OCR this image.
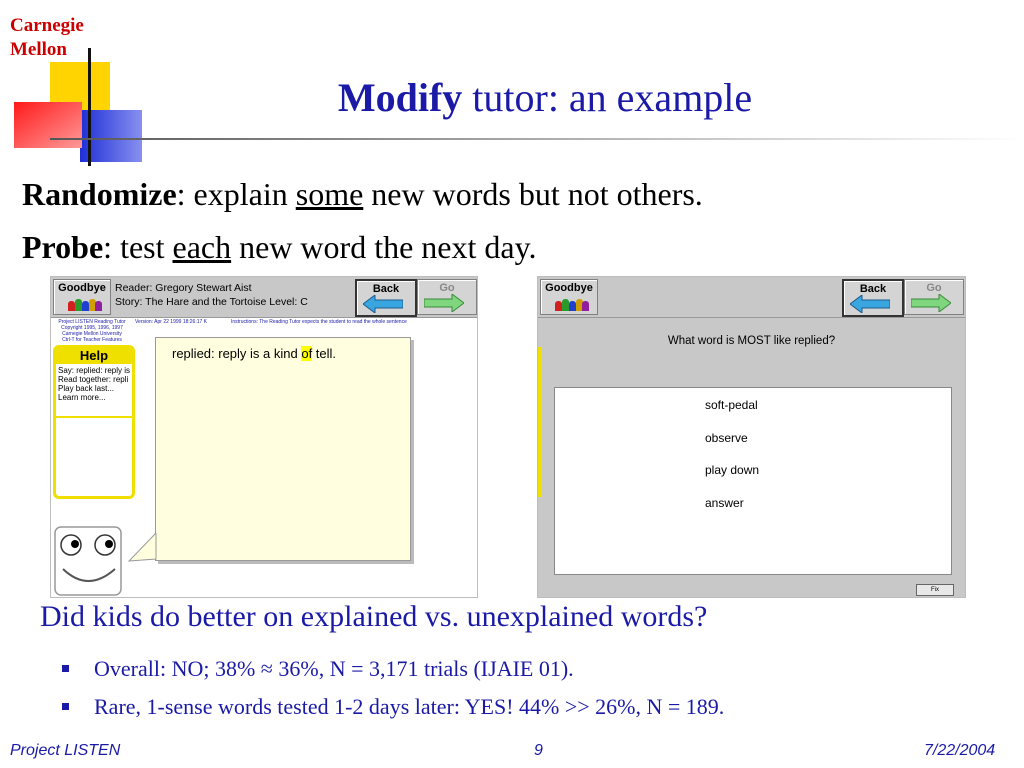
Carnegie
Mellon
Modify tutor: an example
Randomize: explain some new words but not others.
Probe: test each new word the next day.
Goodbye Reader: Gregory Stewart Aist
Story: The Hare and the Tortoise Level: C
Back	Go
Project LISTEN Reading Tutor
Copyright 1995, 1996, 1997
Carnegie Mellon University
Ctrl-T for Teacher Features
Version: Apr 22 1999 18:26:17 K	Instructions: The Reading Tutor expects the student to read the whole sentence
Help
Say: replied: reply is
Read together: repli
Play back last...
Learn more...
replied: reply is a kind of tell.
Goodbye	Back	Go
What word is MOST like replied?
soft-pedal
observe
play down
answer
Fix
Did kids do better on explained vs. unexplained words?
Overall: NO; 38% ≈ 36%, N = 3,171 trials (IJAIE 01).
Rare, 1-sense words tested 1-2 days later: YES! 44% >> 26%, N = 189.
Project LISTEN	9	7/22/2004
